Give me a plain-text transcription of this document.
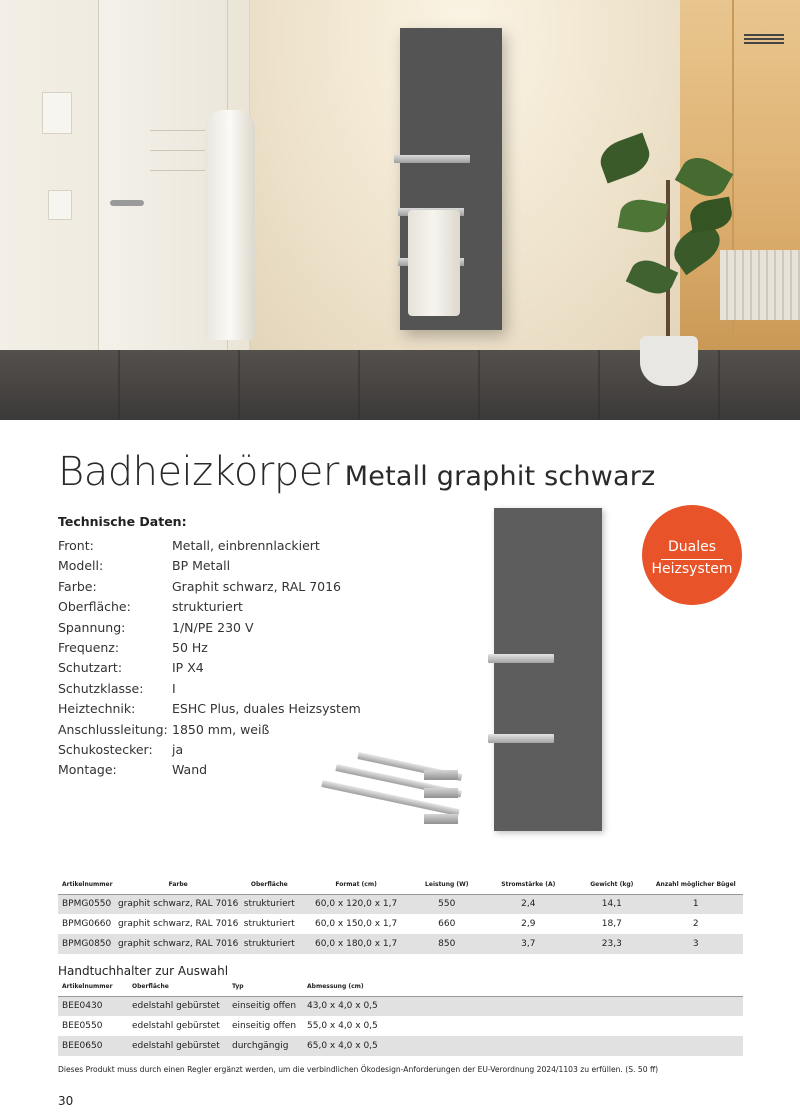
Badheizkörper Metall graphit schwarz
Technische Daten:
Front:	Metall, einbrennlackiert
Modell:	BP Metall
Farbe:	Graphit schwarz, RAL 7016
Oberfläche:	strukturiert
Spannung:	1/N/PE 230 V
Frequenz:	50 Hz
Schutzart:	IP X4
Schutzklasse:	I
Heiztechnik:	ESHC Plus, duales Heizsystem
Anschlussleitung: 1850 mm, weiß
Schukostecker:	ja
Montage:	Wand
Duales
Heizsystem
Artikelnummer	Farbe	Oberfläche	Format (cm)	Leistung (W)	Stromstärke (A)	Gewicht (kg)	Anzahl möglicher Bügel
BPMG0550	graphit schwarz, RAL 7016	strukturiert	60,0 x 120,0 x 1,7	550	2,4	14,1	1
BPMG0660	graphit schwarz, RAL 7016	strukturiert	60,0 x 150,0 x 1,7	660	2,9	18,7	2
BPMG0850	graphit schwarz, RAL 7016	strukturiert	60,0 x 180,0 x 1,7	850	3,7	23,3	3
Handtuchhalter zur Auswahl
Artikelnummer	Oberfläche	Typ	Abmessung (cm)
BEE0430	edelstahl gebürstet	einseitig offen	43,0 x 4,0 x 0,5
BEE0550	edelstahl gebürstet	einseitig offen	55,0 x 4,0 x 0,5
BEE0650	edelstahl gebürstet	durchgängig	65,0 x 4,0 x 0,5
Dieses Produkt muss durch einen Regler ergänzt werden, um die verbindlichen Ökodesign-Anforderungen der EU-Verordnung 2024/1103 zu erfüllen. (S. 50 ff)
30
